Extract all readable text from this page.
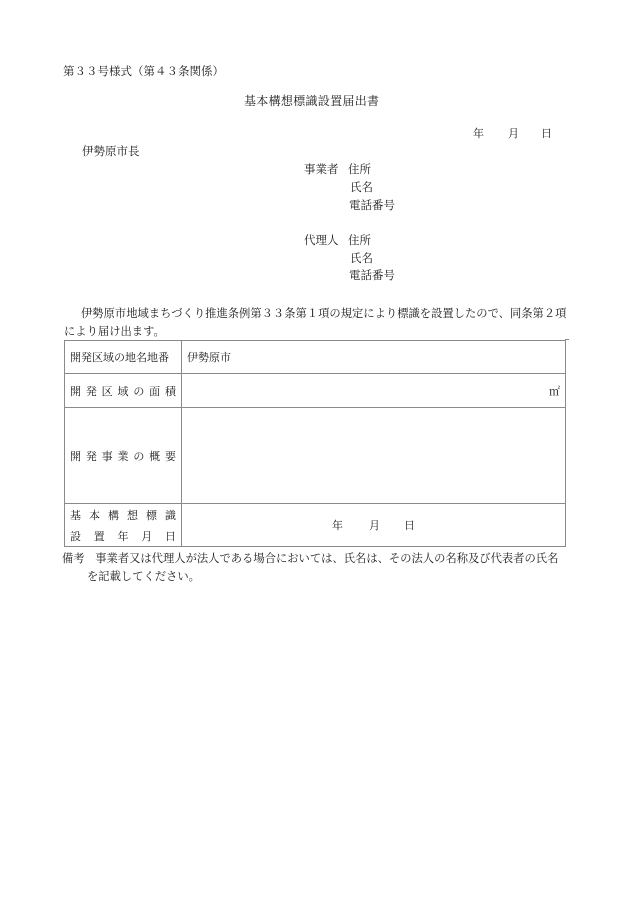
第３３号様式（第４３条関係）
基本構想標識設置届出書
年 月 日
伊勢原市長
事業者 住所
氏名
電話番号
代理人 住所
氏名
電話番号
伊勢原市地域まちづくり推進条例第３３条第１項の規定により標識を設置したので、同条第２項
により届け出ます。
開発区域の地名地番	伊勢原市

開 発 区 域 の 面 積	㎡

開 発 事 業 の 概 要

基 本 構 想 標 識
設 置 年 月 日
	年 月 日
備考 事業者又は代理人が法人である場合においては、氏名は、その法人の名称及び代表者の氏名
を記載してください。
